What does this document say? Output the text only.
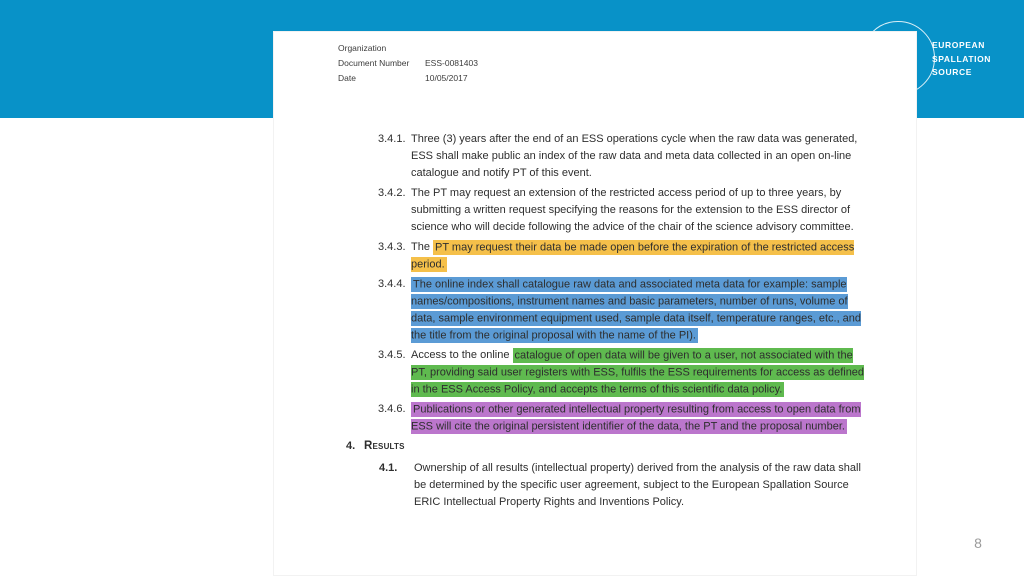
EUROPEAN
SPALLATION
SOURCE
Organization
Document Number	ESS-0081403
Date	10/05/2017
3.4.1. Three (3) years after the end of an ESS operations cycle when the raw data was generated, ESS shall make public an index of the raw data and meta data collected in an open on-line catalogue and notify PT of this event.
3.4.2. The PT may request an extension of the restricted access period of up to three years, by submitting a written request specifying the reasons for the extension to the ESS director of science who will decide following the advice of the chair of the science advisory committee.
3.4.3. The PT may request their data be made open before the expiration of the restricted access period.
3.4.4. The online index shall catalogue raw data and associated meta data for example: sample names/compositions, instrument names and basic parameters, number of runs, volume of data, sample environment equipment used, sample data itself, temperature ranges, etc., and the title from the original proposal with the name of the PI).
3.4.5. Access to the online catalogue of open data will be given to a user, not associated with the PT, providing said user registers with ESS, fulfils the ESS requirements for access as defined in the ESS Access Policy, and accepts the terms of this scientific data policy.
3.4.6. Publications or other generated intellectual property resulting from access to open data from ESS will cite the original persistent identifier of the data, the PT and the proposal number.
4. Results
4.1. Ownership of all results (intellectual property) derived from the analysis of the raw data shall be determined by the specific user agreement, subject to the European Spallation Source ERIC Intellectual Property Rights and Inventions Policy.
8
